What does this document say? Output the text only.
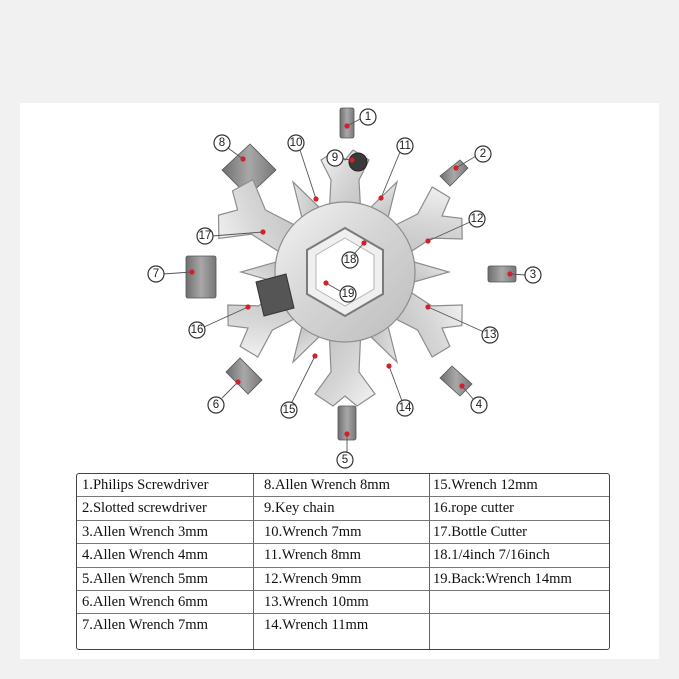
1
2
3
4
5
6
7
8
9
10	11
12
13
14
15
16
17
18
19
1.Philips Screwdriver
2.Slotted screwdriver
3.Allen Wrench 3mm
4.Allen Wrench 4mm
5.Allen Wrench 5mm
6.Allen Wrench 6mm
7.Allen Wrench 7mm
8.Allen Wrench 8mm
9.Key chain
10.Wrench 7mm
11.Wrench 8mm
12.Wrench 9mm
13.Wrench 10mm
14.Wrench 11mm
15.Wrench 12mm
16.rope cutter
17.Bottle Cutter
18.1/4inch 7/16inch
19.Back:Wrench 14mm
